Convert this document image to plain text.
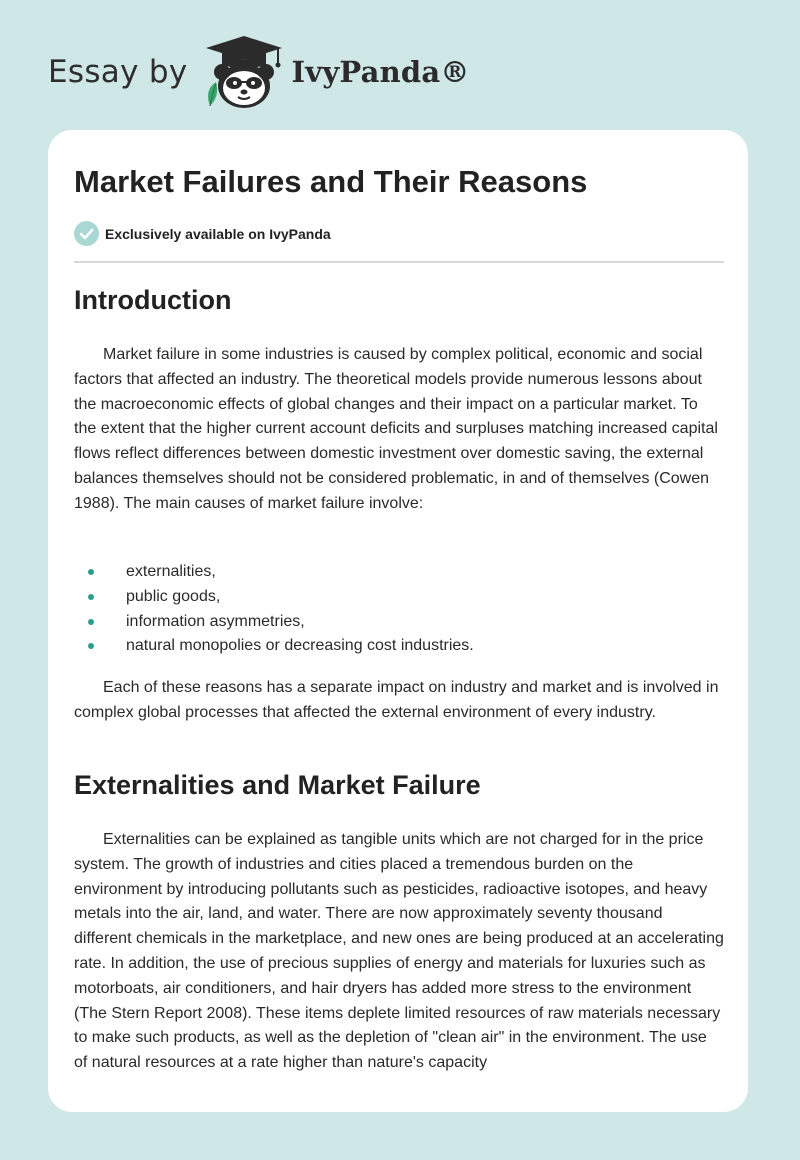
Essay by	IvyPanda®
Market Failures and Their Reasons
Exclusively available on IvyPanda
Introduction

Market failure in some industries is caused by complex political, economic and social factors that affected an industry. The theoretical models provide numerous lessons about the macroeconomic effects of global changes and their impact on a particular market. To the extent that the higher current account deficits and surpluses matching increased capital flows reflect differences between domestic investment over domestic saving, the external balances themselves should not be considered problematic, in and of themselves (Cowen 1988). The main causes of market failure involve:

externalities,
public goods,
information asymmetries,
natural monopolies or decreasing cost industries.

Each of these reasons has a separate impact on industry and market and is involved in complex global processes that affected the external environment of every industry.

Externalities and Market Failure

Externalities can be explained as tangible units which are not charged for in the price system. The growth of industries and cities placed a tremendous burden on the environment by introducing pollutants such as pesticides, radioactive isotopes, and heavy metals into the air, land, and water. There are now approximately seventy thousand different chemicals in the marketplace, and new ones are being produced at an accelerating rate. In addition, the use of precious supplies of energy and materials for luxuries such as motorboats, air conditioners, and hair dryers has added more stress to the environment (The Stern Report 2008). These items deplete limited resources of raw materials necessary to make such products, as well as the depletion of "clean air" in the environment. The use of natural resources at a rate higher than nature's capacity
